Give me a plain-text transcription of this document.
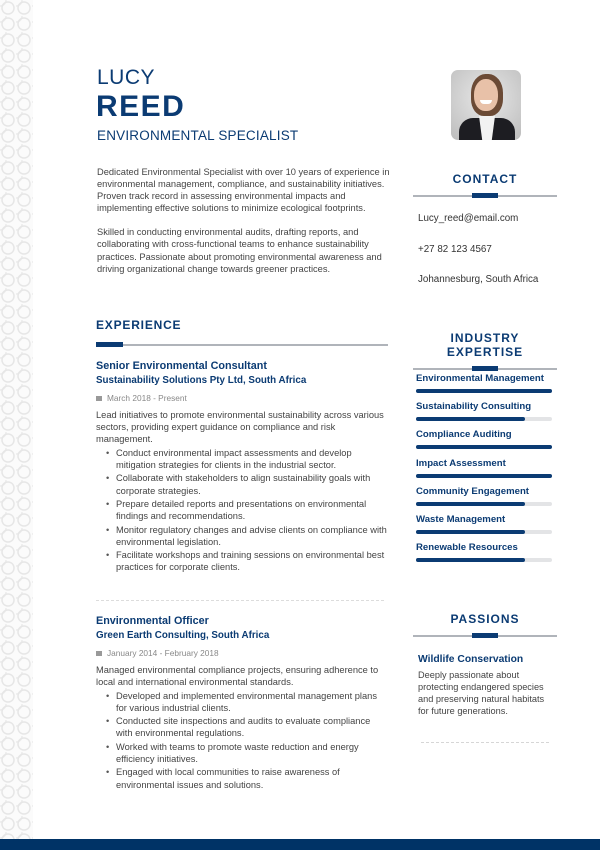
LUCY
REED
ENVIRONMENTAL SPECIALIST

Dedicated Environmental Specialist with over 10 years of experience in environmental management, compliance, and sustainability initiatives. Proven track record in assessing environmental impacts and implementing effective solutions to minimize ecological footprints.

Skilled in conducting environmental audits, drafting reports, and collaborating with cross-functional teams to enhance sustainability practices. Passionate about promoting environmental awareness and driving organizational change towards greener practices.

CONTACT
Lucy_reed@email.com
+27 82 123 4567
Johannesburg, South Africa
INDUSTRY EXPERTISE
Environmental Management
Sustainability Consulting
Compliance Auditing
Impact Assessment
Community Engagement
Waste Management
Renewable Resources
PASSIONS
Wildlife Conservation
Deeply passionate about protecting endangered species and preserving natural habitats for future generations.
EXPERIENCE
Senior Environmental Consultant
Sustainability Solutions Pty Ltd, South Africa
March 2018 - Present
Lead initiatives to promote environmental sustainability across various sectors, providing expert guidance on compliance and risk management.
• Conduct environmental impact assessments and develop mitigation strategies for clients in the industrial sector.
• Collaborate with stakeholders to align sustainability goals with corporate strategies.
• Prepare detailed reports and presentations on environmental findings and recommendations.
• Monitor regulatory changes and advise clients on compliance with environmental legislation.
• Facilitate workshops and training sessions on environmental best practices for corporate clients.
Environmental Officer
Green Earth Consulting, South Africa
January 2014 - February 2018
Managed environmental compliance projects, ensuring adherence to local and international environmental standards.
• Developed and implemented environmental management plans for various industrial clients.
• Conducted site inspections and audits to evaluate compliance with environmental regulations.
• Worked with teams to promote waste reduction and energy efficiency initiatives.
• Engaged with local communities to raise awareness of environmental issues and solutions.
